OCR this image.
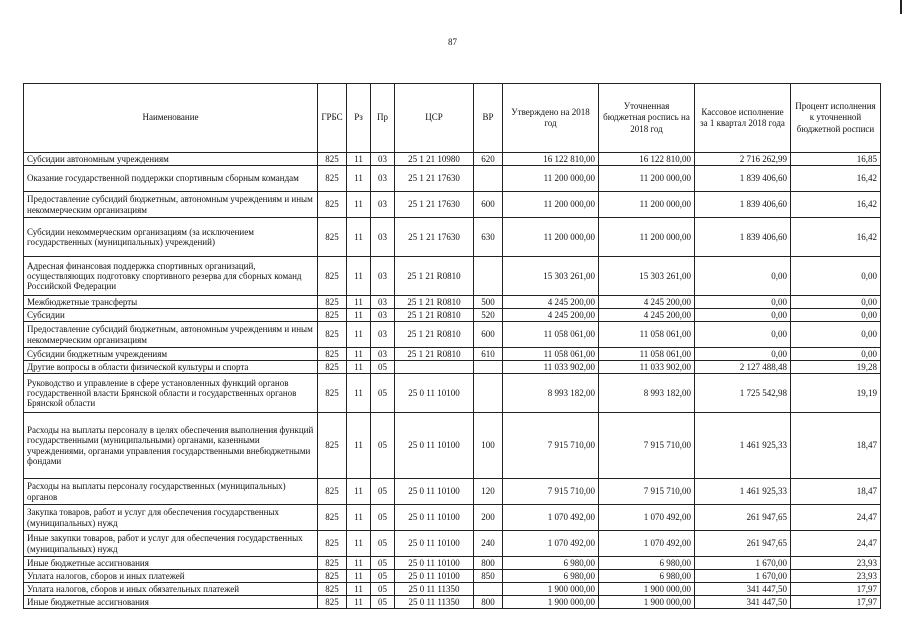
87
Наименование	ГРБС	Рз	Пр	ЦСР	ВР	Утверждено на 2018 год	Уточненная бюджетная роспись на 2018 год	Кассовое исполнение за 1 квартал 2018 года	Процент исполнения к уточненной бюджетной росписи
Субсидии автономным учреждениям	825	11	03	25 1 21 10980	620	16 122 810,00	16 122 810,00	2 716 262,99	16,85
Оказание государственной поддержки спортивным сборным командам	825	11	03	25 1 21 17630		11 200 000,00	11 200 000,00	1 839 406,60	16,42
Предоставление субсидий бюджетным, автономным учреждениям и иным некоммерческим организациям	825	11	03	25 1 21 17630	600	11 200 000,00	11 200 000,00	1 839 406,60	16,42
Субсидии некоммерческим организациям (за исключением государственных (муниципальных) учреждений)	825	11	03	25 1 21 17630	630	11 200 000,00	11 200 000,00	1 839 406,60	16,42
Адресная финансовая поддержка спортивных организаций, осуществляющих подготовку спортивного резерва для сборных команд Российской Федерации	825	11	03	25 1 21 R0810		15 303 261,00	15 303 261,00	0,00	0,00
Межбюджетные трансферты	825	11	03	25 1 21 R0810	500	4 245 200,00	4 245 200,00	0,00	0,00
Субсидии	825	11	03	25 1 21 R0810	520	4 245 200,00	4 245 200,00	0,00	0,00
Предоставление субсидий бюджетным, автономным учреждениям и иным некоммерческим организациям	825	11	03	25 1 21 R0810	600	11 058 061,00	11 058 061,00	0,00	0,00
Субсидии бюджетным учреждениям	825	11	03	25 1 21 R0810	610	11 058 061,00	11 058 061,00	0,00	0,00
Другие вопросы в области физической культуры и спорта	825	11	05			11 033 902,00	11 033 902,00	2 127 488,48	19,28
Руководство и управление в сфере установленных функций органов государственной власти Брянской области и государственных органов Брянской области	825	11	05	25 0 11 10100		8 993 182,00	8 993 182,00	1 725 542,98	19,19
Расходы на выплаты персоналу в целях обеспечения выполнения функций государственными (муниципальными) органами, казенными учреждениями, органами управления государственными внебюджетными фондами	825	11	05	25 0 11 10100	100	7 915 710,00	7 915 710,00	1 461 925,33	18,47
Расходы на выплаты персоналу государственных (муниципальных) органов	825	11	05	25 0 11 10100	120	7 915 710,00	7 915 710,00	1 461 925,33	18,47
Закупка товаров, работ и услуг для обеспечения государственных (муниципальных) нужд	825	11	05	25 0 11 10100	200	1 070 492,00	1 070 492,00	261 947,65	24,47
Иные закупки товаров, работ и услуг для обеспечения государственных (муниципальных) нужд	825	11	05	25 0 11 10100	240	1 070 492,00	1 070 492,00	261 947,65	24,47
Иные бюджетные ассигнования	825	11	05	25 0 11 10100	800	6 980,00	6 980,00	1 670,00	23,93
Уплата налогов, сборов и иных платежей	825	11	05	25 0 11 10100	850	6 980,00	6 980,00	1 670,00	23,93
Уплата налогов, сборов и иных обязательных платежей	825	11	05	25 0 11 11350		1 900 000,00	1 900 000,00	341 447,50	17,97
Иные бюджетные ассигнования	825	11	05	25 0 11 11350	800	1 900 000,00	1 900 000,00	341 447,50	17,97
